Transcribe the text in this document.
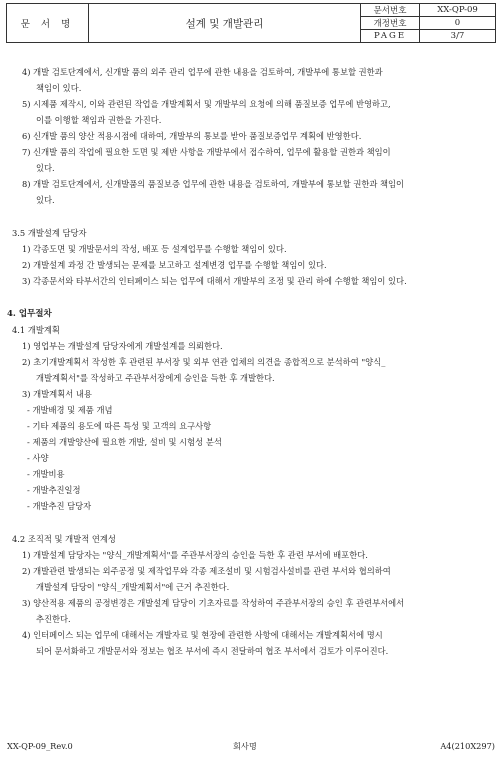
문 서 명	설계 및 개발관리	문서번호	XX-QP-09
		개정번호	0
		PAGE	3/7
4) 개발 검토단계에서, 신개발 품의 외주 관리 업무에 관한 내용을 검토하여, 개발부에 통보할 권한과
책임이 있다.
5) 시제품 제작시, 이와 관련된 작업을 개발계획서 및 개발부의 요청에 의해 품질보증 업무에 반영하고,
이를 이행할 책임과 권한을 가진다.
6) 신개발 품의 양산 적용시점에 대하여, 개발부의 통보를 받아 품질보증업무 계획에 반영한다.
7) 신개발 품의 작업에 필요한 도면 및 제반 사항을 개발부에서 접수하여, 업무에 활용할 권한과 책임이
있다.
8) 개발 검토단계에서, 신개발품의 품질보증 업무에 관한 내용을 검토하여, 개발부에 통보할 권한과 책임이
있다.
3.5 개발설계 담당자
1) 각종도면 및 개발문서의 작성, 배포 등 설계업무를 수행할 책임이 있다.
2) 개발설계 과정 간 발생되는 문제를 보고하고 설계변경 업무를 수행할 책임이 있다.
3) 각종문서와 타부서간의 인터페이스 되는 업무에 대해서 개발부의 조정 및 관리 하에 수행할 책임이 있다.
4. 업무절차
4.1 개발계획
1) 영업부는 개발설계 담당자에게 개발설계를 의뢰한다.
2) 초기개발계획서 작성한 후 관련된 부서장 및 외부 연관 업체의 의견을 종합적으로 분석하여 "양식_
개발계획서"를 작성하고 주관부서장에게 승인을 득한 후 개발한다.
3) 개발계획서 내용
- 개발배경 및 제품 개념
- 기타 제품의 용도에 따른 특성 및 고객의 요구사항
- 제품의 개발양산에 필요한 개발, 설비 및 시험성 분석
- 사양
- 개발비용
- 개발추진일정
- 개발추진 담당자
4.2 조직적 및 개발적 연계성
1) 개발설계 담당자는 "양식_개발계획서"를 주관부서장의 승인을 득한 후 관련 부서에 배포한다.
2) 개발관련 발생되는 외주공정 및 제작업무와 각종 제조설비 및 시험검사설비를 관련 부서와 협의하여
개발설계 담당이 "양식_개발계획서"에 근거 추진한다.
3) 양산적용 제품의 공정변경은 개발설계 담당이 기초자료를 작성하여 주관부서장의 승인 후 관련부서에서
추진한다.
4) 인터페이스 되는 업무에 대해서는 개발자료 및 현장에 관련한 사항에 대해서는 개발계획서에 명시
되어 문서화하고 개발문서와 정보는 협조 부서에 즉시 전달하여 협조 부서에서 검토가 이루어진다.
XX-QP-09_Rev.0	회사명	A4(210X297)
